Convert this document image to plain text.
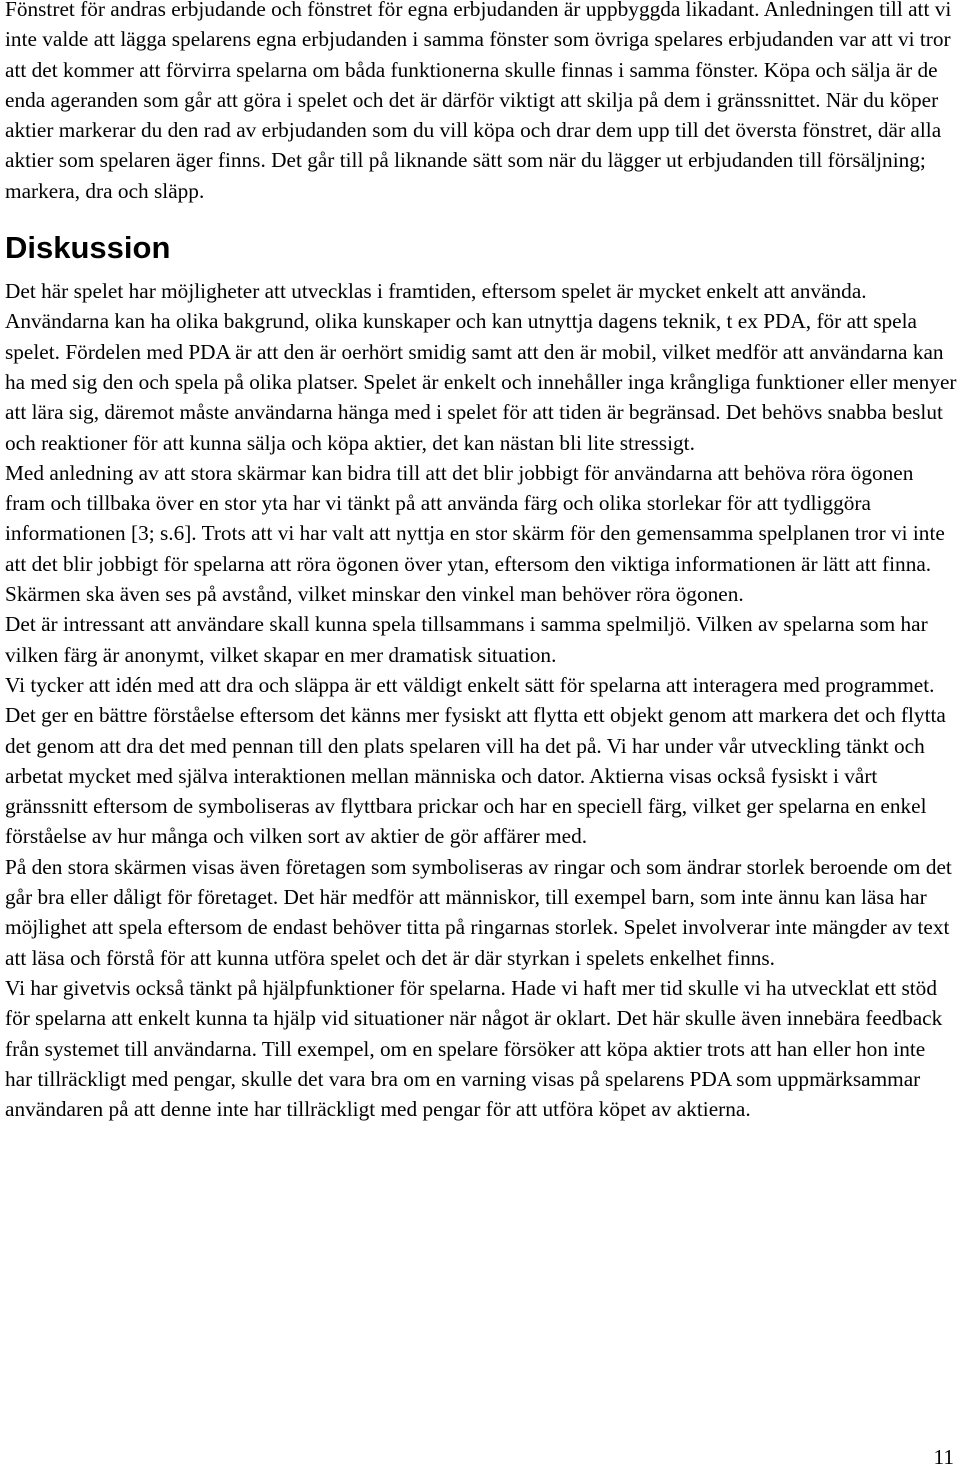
Fönstret för andras erbjudande och fönstret för egna erbjudanden är uppbyggda likadant. Anledningen till att vi inte valde att lägga spelarens egna erbjudanden i samma fönster som övriga spelares erbjudanden var att vi tror att det kommer att förvirra spelarna om båda funktionerna skulle finnas i samma fönster. Köpa och sälja är de enda ageranden som går att göra i spelet och det är därför viktigt att skilja på dem i gränssnittet. När du köper aktier markerar du den rad av erbjudanden som du vill köpa och drar dem upp till det översta fönstret, där alla aktier som spelaren äger finns. Det går till på liknande sätt som när du lägger ut erbjudanden till försäljning; markera, dra och släpp.

Diskussion

Det här spelet har möjligheter att utvecklas i framtiden, eftersom spelet är mycket enkelt att använda. Användarna kan ha olika bakgrund, olika kunskaper och kan utnyttja dagens teknik, t ex PDA, för att spela spelet. Fördelen med PDA är att den är oerhört smidig samt att den är mobil, vilket medför att användarna kan ha med sig den och spela på olika platser. Spelet är enkelt och innehåller inga krångliga funktioner eller menyer att lära sig, däremot måste användarna hänga med i spelet för att tiden är begränsad. Det behövs snabba beslut och reaktioner för att kunna sälja och köpa aktier, det kan nästan bli lite stressigt.

Med anledning av att stora skärmar kan bidra till att det blir jobbigt för användarna att behöva röra ögonen fram och tillbaka över en stor yta har vi tänkt på att använda färg och olika storlekar för att tydliggöra informationen [3; s.6]. Trots att vi har valt att nyttja en stor skärm för den gemensamma spelplanen tror vi inte att det blir jobbigt för spelarna att röra ögonen över ytan, eftersom den viktiga informationen är lätt att finna. Skärmen ska även ses på avstånd, vilket minskar den vinkel man behöver röra ögonen.

Det är intressant att användare skall kunna spela tillsammans i samma spelmiljö. Vilken av spelarna som har vilken färg är anonymt, vilket skapar en mer dramatisk situation.

Vi tycker att idén med att dra och släppa är ett väldigt enkelt sätt för spelarna att interagera med programmet. Det ger en bättre förståelse eftersom det känns mer fysiskt att flytta ett objekt genom att markera det och flytta det genom att dra det med pennan till den plats spelaren vill ha det på. Vi har under vår utveckling tänkt och arbetat mycket med själva interaktionen mellan människa och dator. Aktierna visas också fysiskt i vårt gränssnitt eftersom de symboliseras av flyttbara prickar och har en speciell färg, vilket ger spelarna en enkel förståelse av hur många och vilken sort av aktier de gör affärer med.

På den stora skärmen visas även företagen som symboliseras av ringar och som ändrar storlek beroende om det går bra eller dåligt för företaget. Det här medför att människor, till exempel barn, som inte ännu kan läsa har möjlighet att spela eftersom de endast behöver titta på ringarnas storlek. Spelet involverar inte mängder av text att läsa och förstå för att kunna utföra spelet och det är där styrkan i spelets enkelhet finns.

Vi har givetvis också tänkt på hjälpfunktioner för spelarna. Hade vi haft mer tid skulle vi ha utvecklat ett stöd för spelarna att enkelt kunna ta hjälp vid situationer när något är oklart. Det här skulle även innebära feedback från systemet till användarna. Till exempel, om en spelare försöker att köpa aktier trots att han eller hon inte har tillräckligt med pengar, skulle det vara bra om en varning visas på spelarens PDA som uppmärksammar användaren på att denne inte har tillräckligt med pengar för att utföra köpet av aktierna.

11
